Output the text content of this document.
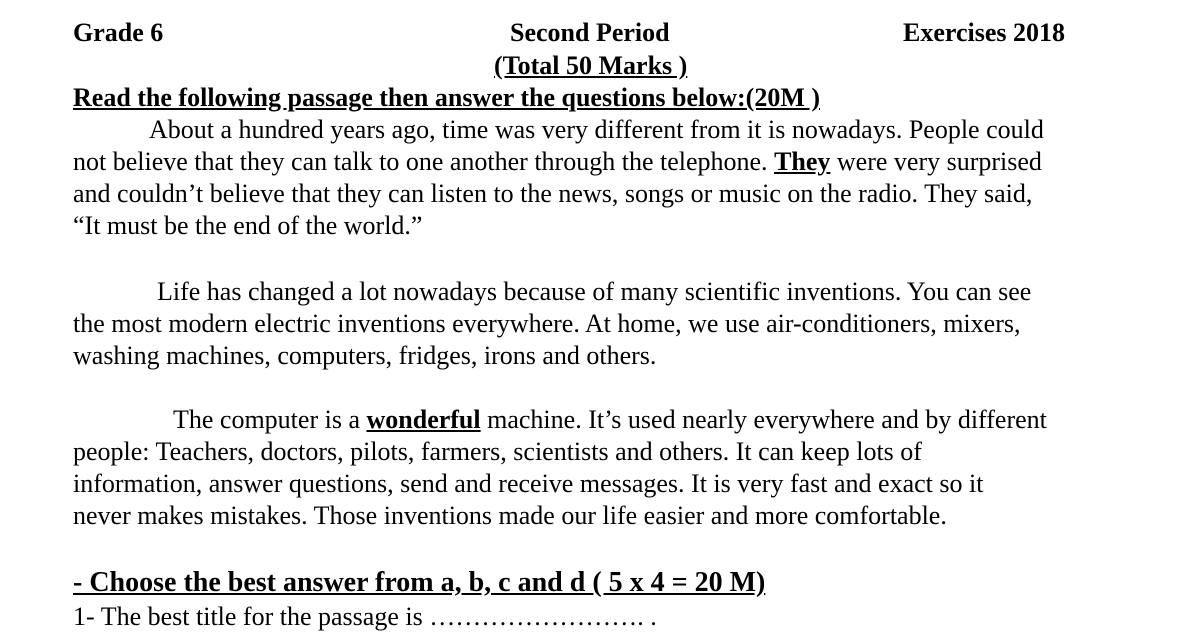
Grade 6	Second Period	Exercises 2018
(Total 50 Marks )
Read the following passage then answer the questions below:(20M )
About a hundred years ago, time was very different from it is nowadays. People could
not believe that they can talk to one another through the telephone. They were very surprised
and couldn’t believe that they can listen to the news, songs or music on the radio. They said,
“It must be the end of the world.”
Life has changed a lot nowadays because of many scientific inventions. You can see
the most modern electric inventions everywhere. At home, we use air-conditioners, mixers,
washing machines, computers, fridges, irons and others.
The computer is a wonderful machine. It’s used nearly everywhere and by different
people: Teachers, doctors, pilots, farmers, scientists and others. It can keep lots of
information, answer questions, send and receive messages. It is very fast and exact so it
never makes mistakes. Those inventions made our life easier and more comfortable.
- Choose the best answer from a, b, c and d ( 5 x 4 = 20 M)
1- The best title for the passage is ……………………. .
